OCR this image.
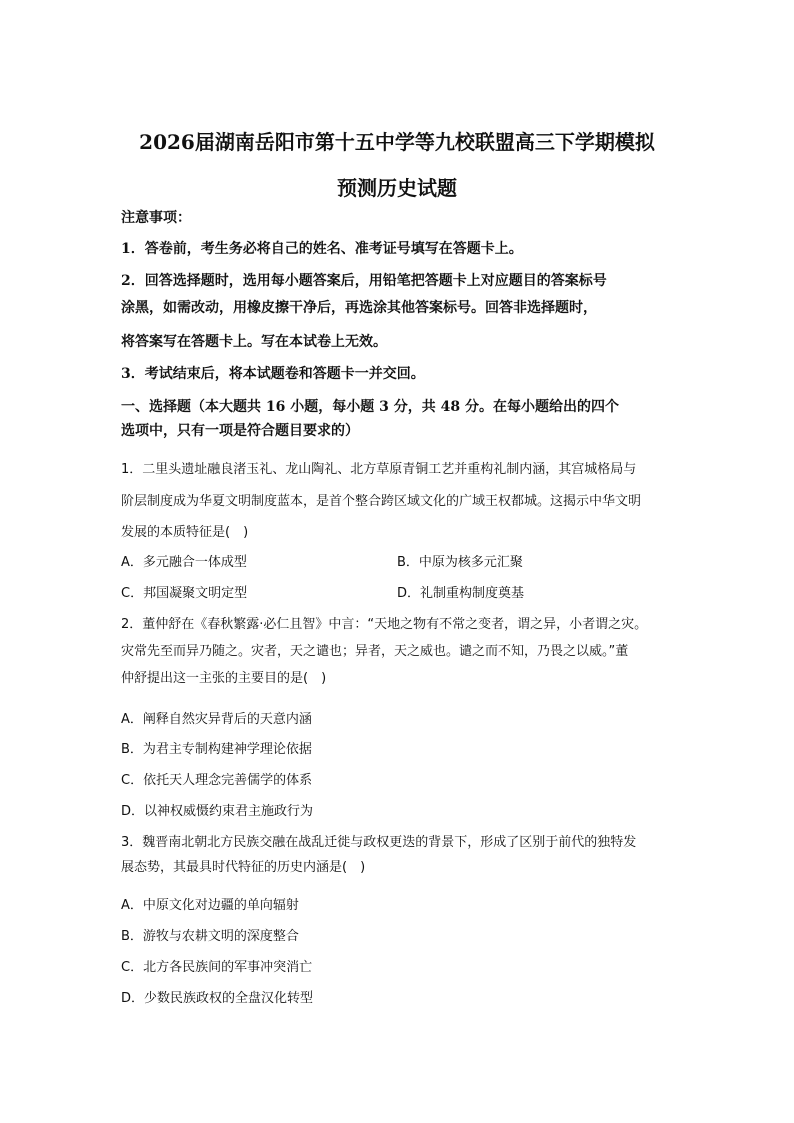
2026届湖南岳阳市第十五中学等九校联盟高三下学期模拟
预测历史试题
注意事项：
1．答卷前，考生务必将自己的姓名、准考证号填写在答题卡上。
2．回答选择题时，选用每小题答案后，用铅笔把答题卡上对应题目的答案标号
涂黑，如需改动，用橡皮擦干净后，再选涂其他答案标号。回答非选择题时，
将答案写在答题卡上。写在本试卷上无效。
3．考试结束后，将本试题卷和答题卡一并交回。
一、选择题（本大题共 16 小题，每小题 3 分，共 48 分。在每小题给出的四个
选项中，只有一项是符合题目要求的）
1．二里头遗址融良渚玉礼、龙山陶礼、北方草原青铜工艺并重构礼制内涵，其宫城格局与
阶层制度成为华夏文明制度蓝本，是首个整合跨区域文化的广域王权都城。这揭示中华文明
发展的本质特征是(　)
A．多元融合一体成型	B．中原为核多元汇聚
C．邦国凝聚文明定型	D．礼制重构制度奠基
2．董仲舒在《春秋繁露·必仁且智》中言：“天地之物有不常之变者，谓之异，小者谓之灾。
灾常先至而异乃随之。灾者，天之谴也；异者，天之威也。谴之而不知，乃畏之以威。”董
仲舒提出这一主张的主要目的是(　)
A．阐释自然灾异背后的天意内涵
B．为君主专制构建神学理论依据
C．依托天人理念完善儒学的体系
D．以神权威慑约束君主施政行为
3．魏晋南北朝北方民族交融在战乱迁徙与政权更迭的背景下，形成了区别于前代的独特发
展态势，其最具时代特征的历史内涵是(　)
A．中原文化对边疆的单向辐射
B．游牧与农耕文明的深度整合
C．北方各民族间的军事冲突消亡
D．少数民族政权的全盘汉化转型
